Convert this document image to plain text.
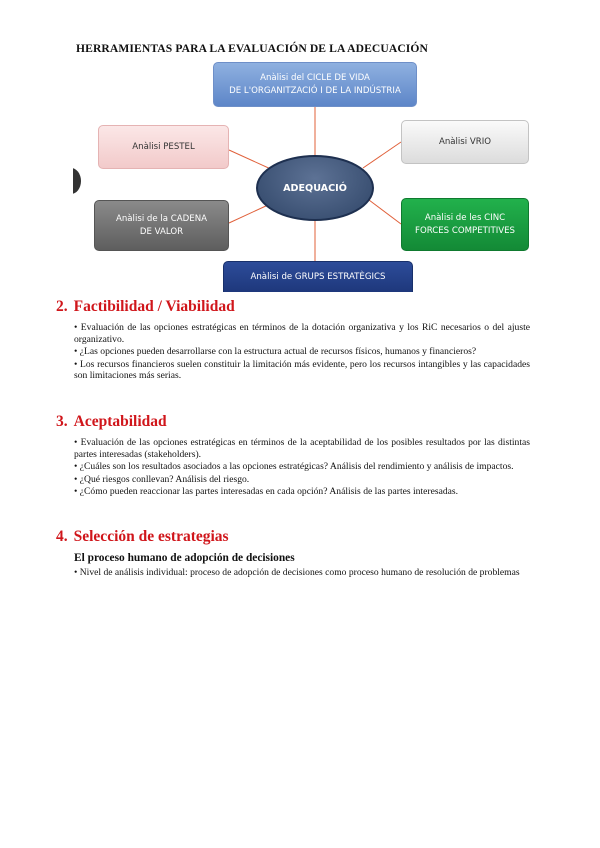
HERRAMIENTAS PARA LA EVALUACIÓN DE LA ADECUACIÓN
Anàlisi del CICLE DE VIDA
DE L'ORGANITZACIÓ I DE LA INDÚSTRIA
Anàlisi PESTEL	Anàlisi VRIO
Anàlisi de la CADENA
DE VALOR
Anàlisi de les CINC
FORCES COMPETITIVES
Anàlisi de GRUPS ESTRATÈGICS
ADEQUACIÓ
2. Factibilidad / Viabilidad
• Evaluación de las opciones estratégicas en términos de la dotación organizativa y los RiC necesarios o del ajuste organizativo.
• ¿Las opciones pueden desarrollarse con la estructura actual de recursos físicos, humanos y financieros?
• Los recursos financieros suelen constituir la limitación más evidente, pero los recursos intangibles y las capacidades son limitaciones más serias.
3. Aceptabilidad
• Evaluación de las opciones estratégicas en términos de la aceptabilidad de los posibles resultados por las distintas partes interesadas (stakeholders).
• ¿Cuáles son los resultados asociados a las opciones estratégicas? Análisis del rendimiento y análisis de impactos.
• ¿Qué riesgos conllevan? Análisis del riesgo.
• ¿Cómo pueden reaccionar las partes interesadas en cada opción? Análisis de las partes interesadas.
4. Selección de estrategias
El proceso humano de adopción de decisiones
• Nivel de análisis individual: proceso de adopción de decisiones como proceso humano de resolución de problemas
